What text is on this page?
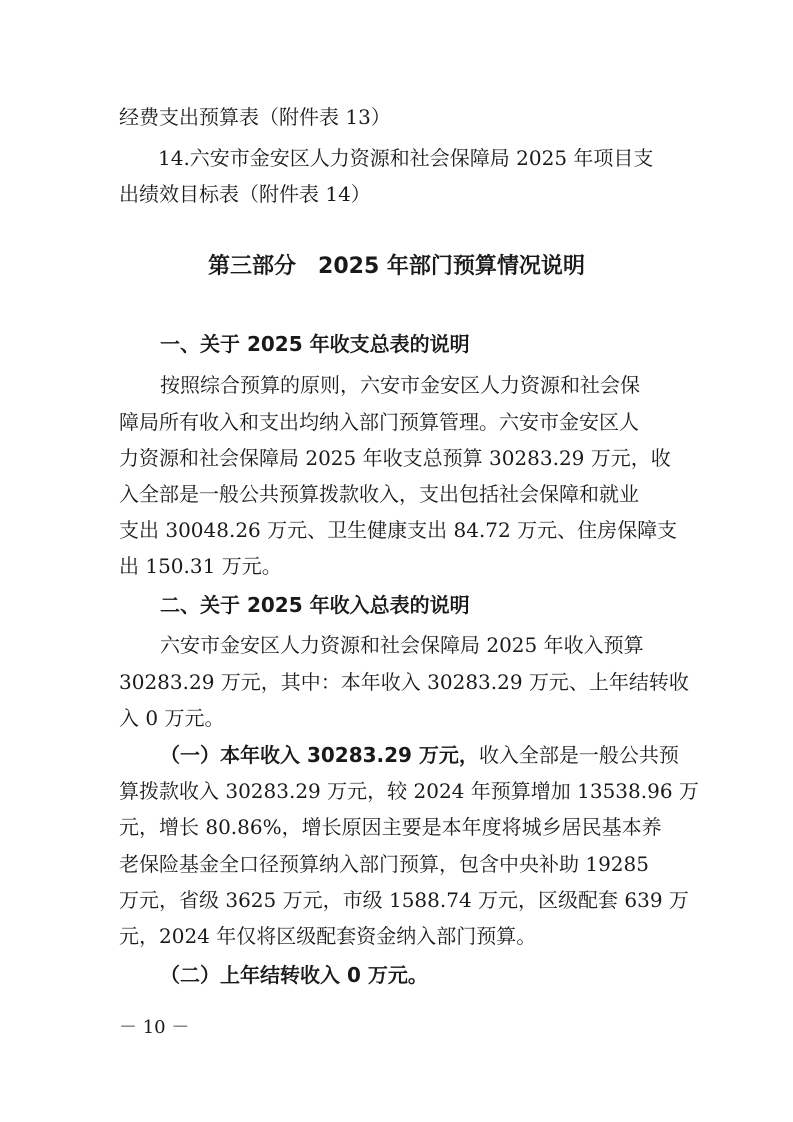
经费支出预算表（附件表 13）
14.六安市金安区人力资源和社会保障局 2025 年项目支
出绩效目标表（附件表 14）
第三部分　2025 年部门预算情况说明
一、关于 2025 年收支总表的说明
按照综合预算的原则，六安市金安区人力资源和社会保
障局所有收入和支出均纳入部门预算管理。六安市金安区人
力资源和社会保障局 2025 年收支总预算 30283.29 万元，收
入全部是一般公共预算拨款收入，支出包括社会保障和就业
支出 30048.26 万元、卫生健康支出 84.72 万元、住房保障支
出 150.31 万元。
二、关于 2025 年收入总表的说明
六安市金安区人力资源和社会保障局 2025 年收入预算
30283.29 万元，其中：本年收入 30283.29 万元、上年结转收
入 0 万元。
（一）本年收入 30283.29 万元，收入全部是一般公共预
算拨款收入 30283.29 万元，较 2024 年预算增加 13538.96 万
元，增长 80.86%，增长原因主要是本年度将城乡居民基本养
老保险基金全口径预算纳入部门预算，包含中央补助 19285
万元，省级 3625 万元，市级 1588.74 万元，区级配套 639 万
元，2024 年仅将区级配套资金纳入部门预算。
（二）上年结转收入 0 万元。
－ 10 －
